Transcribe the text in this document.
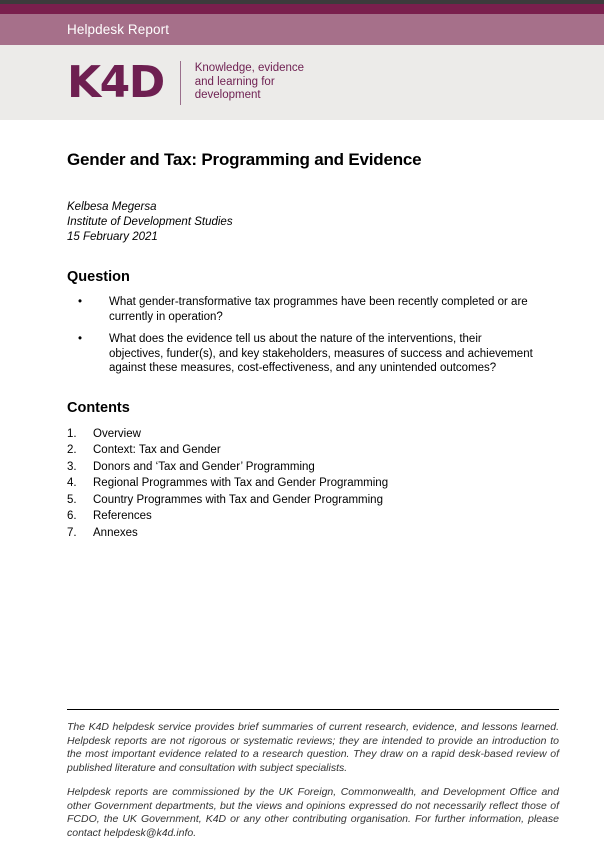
Helpdesk Report
K4D	Knowledge, evidence
and learning for
development
Gender and Tax: Programming and Evidence
Kelbesa Megersa
Institute of Development Studies
15 February 2021
Question
•	What gender-transformative tax programmes have been recently completed or are currently in operation?
•	What does the evidence tell us about the nature of the interventions, their objectives, funder(s), and key stakeholders, measures of success and achievement against these measures, cost-effectiveness, and any unintended outcomes?
Contents
1.	Overview
2.	Context: Tax and Gender
3.	Donors and ‘Tax and Gender’ Programming
4.	Regional Programmes with Tax and Gender Programming
5.	Country Programmes with Tax and Gender Programming
6.	References
7.	Annexes

The K4D helpdesk service provides brief summaries of current research, evidence, and lessons learned. Helpdesk reports are not rigorous or systematic reviews; they are intended to provide an introduction to the most important evidence related to a research question. They draw on a rapid desk-based review of published literature and consultation with subject specialists.

Helpdesk reports are commissioned by the UK Foreign, Commonwealth, and Development Office and other Government departments, but the views and opinions expressed do not necessarily reflect those of FCDO, the UK Government, K4D or any other contributing organisation. For further information, please contact helpdesk@k4d.info.
